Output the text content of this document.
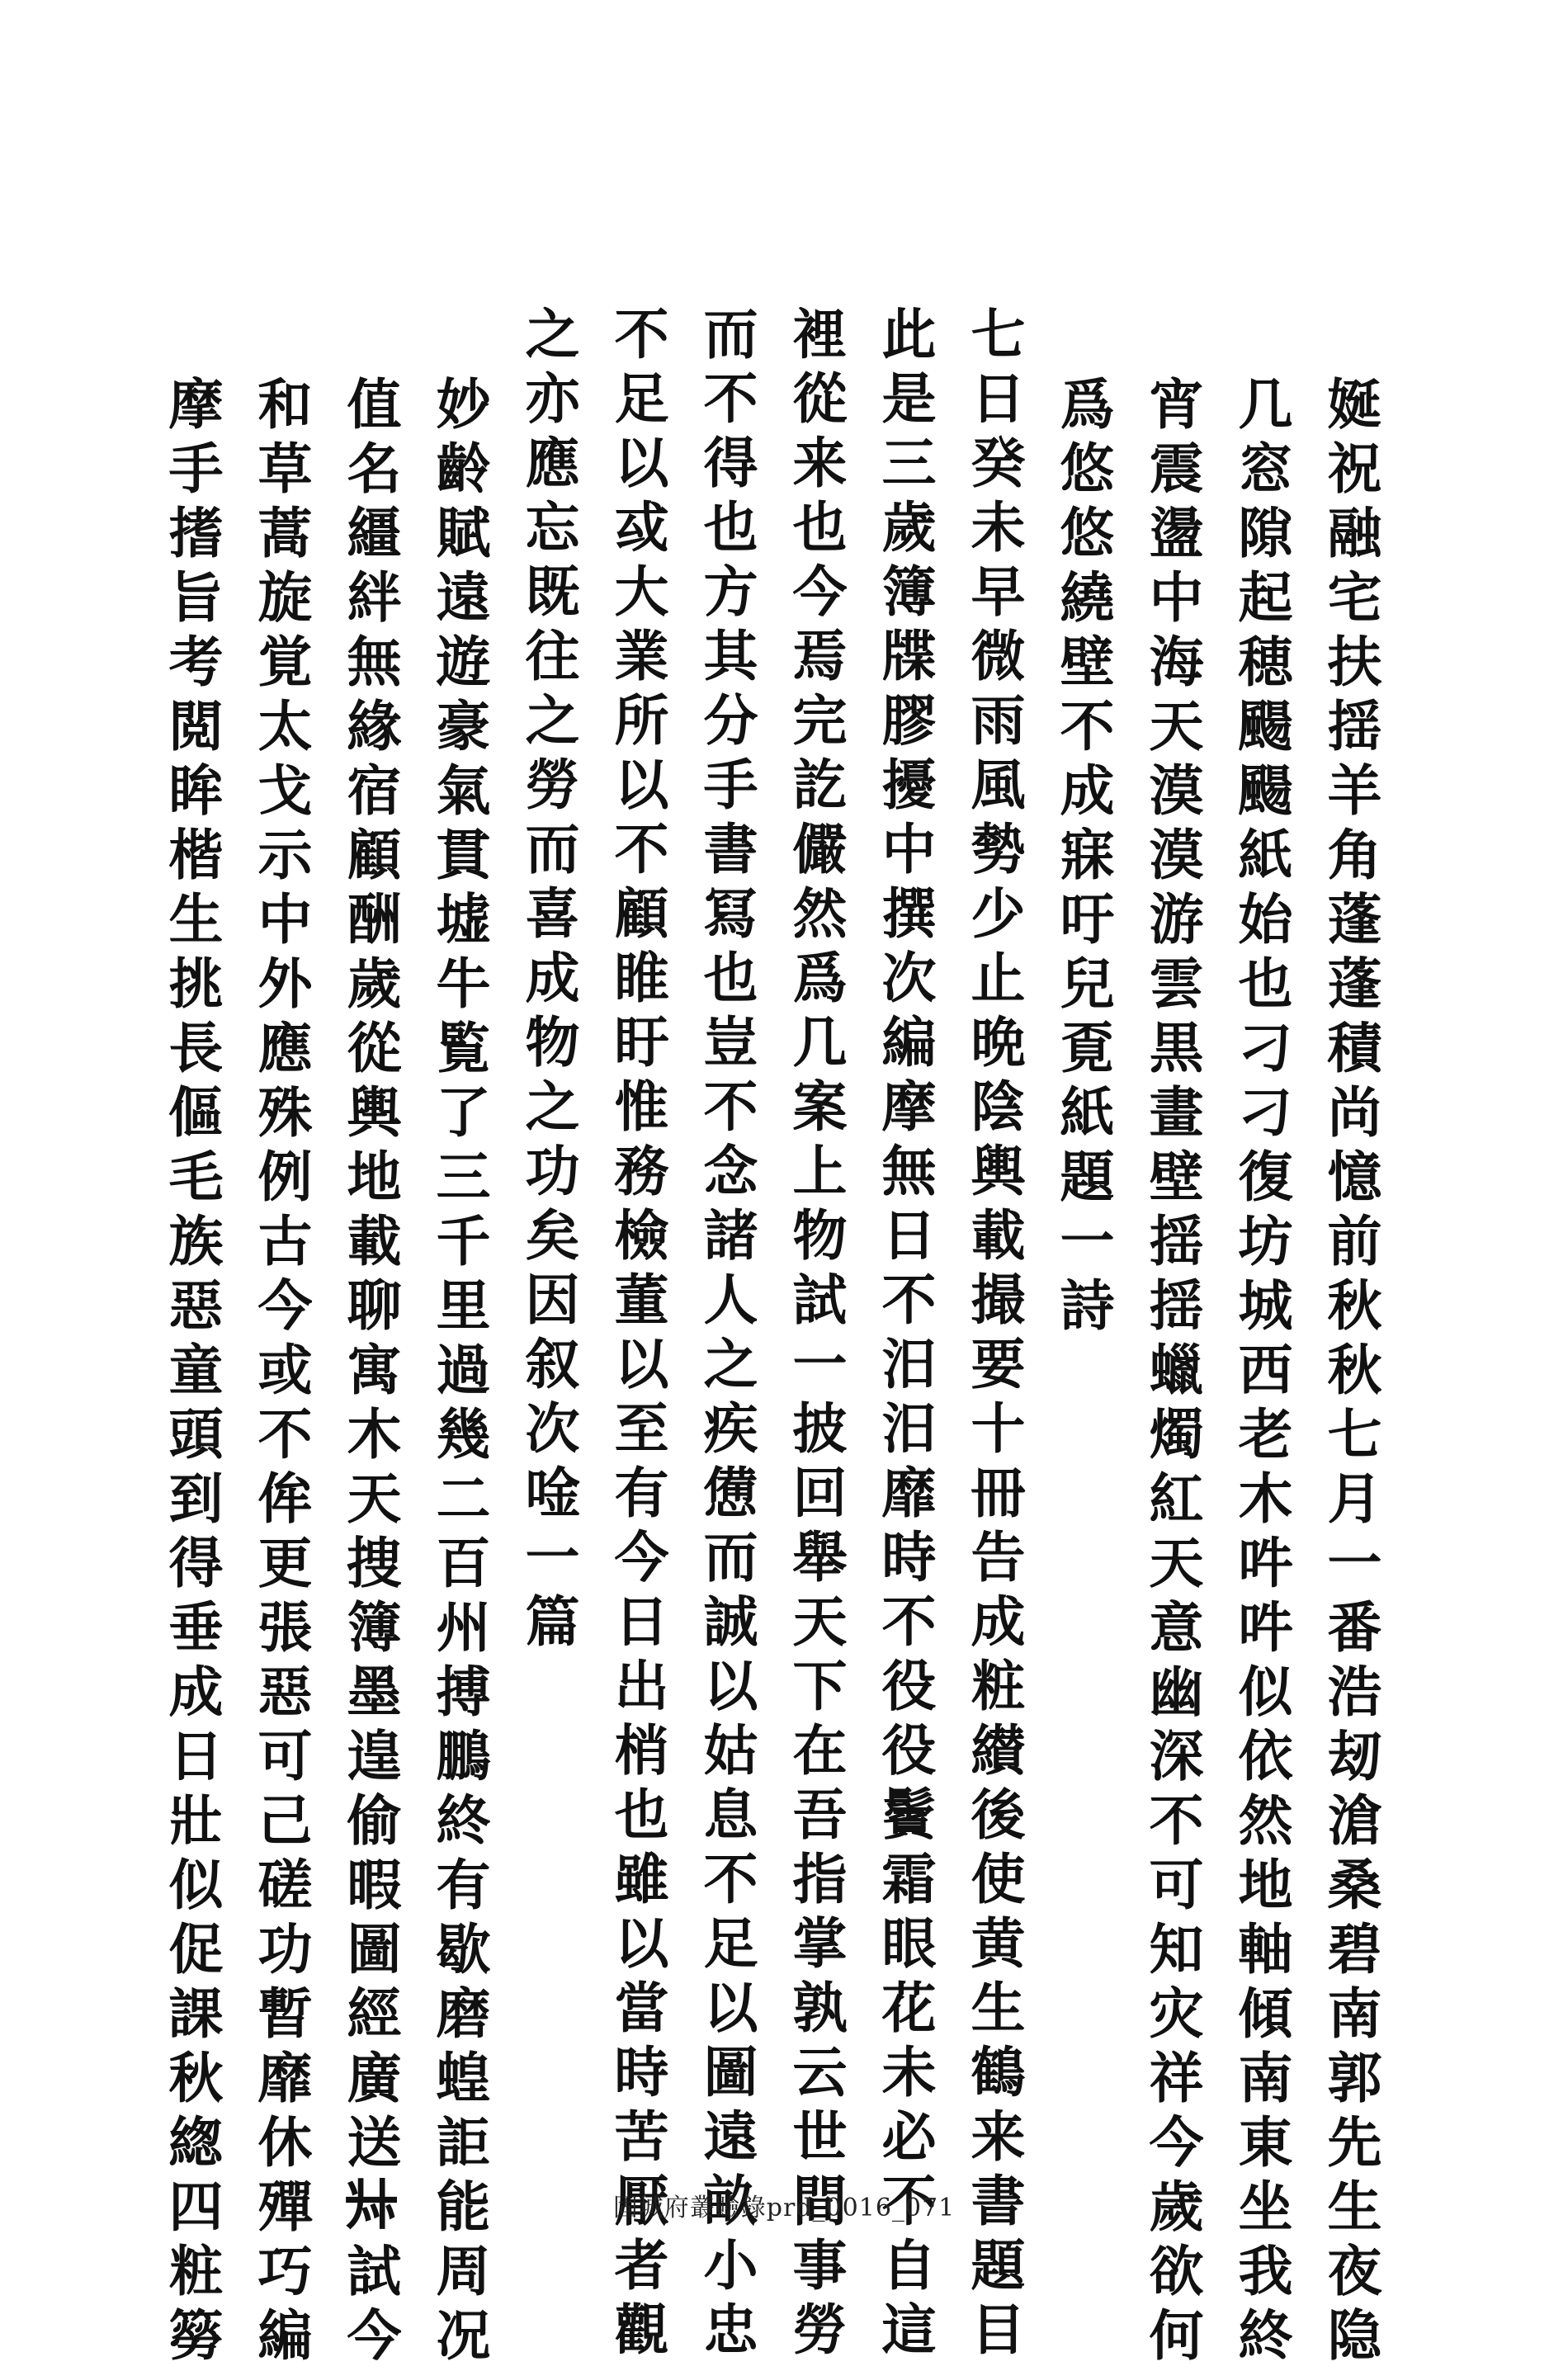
娫祝融宅扶揺羊角蓬蓬積尚憶前秋秋七月一番浩刼滄桑碧南郭先生夜隐
几窓隙起穂颺颺紙始也刁刁復坊城西老木吽吽似依然地軸傾南東坐我終
宵震盪中海天漠漠游雲黒畫壁揺揺蠟燭紅天意幽深不可知灾祥今歲欲何
爲悠悠繞壁不成寐吁兒覔紙題一詩
七日癸未早微雨風勢少止晩陰輿載撮要十冊告成粧纉後使黄生鶴来書題目
此是三歲簿牒膠擾中撰次編摩無日不汨汨靡時不役役鬢霜眼花未必不自這
裡從来也今焉完訖儼然爲几案上物試一披回舉天下在吾指掌孰云世間事勞
而不得也方其分手書冩也豈不念諸人之疾憊而誠以姑息不足以圖遠畝小忠
不足以㦯大業所以不顧睢盱惟務檢董以至有今日出梢也雖以當時苦厭者觀
之亦應忘既往之勞而喜成物之功矣因叙次唫一篇
妙齡賦遠遊豪氣貫墟牛覧了三千里過幾二百州搏鵬終有歇磨蝗詎能周况
值名繮絆無緣宿顧酬歲從輿地載聊寓木天捜簿墨遑偷暇圖經廣送𠦑試今
和草蒿旋覚太戈示中外應殊例古今或不侔更張惡可己磋功暫靡休殫巧編
摩手搘旨考閲眸楷生挑長傴毛族惡童頭到得垂成日壯似促課秋緫四粧簩	固城府叢𧸘錄prd_0016_071
